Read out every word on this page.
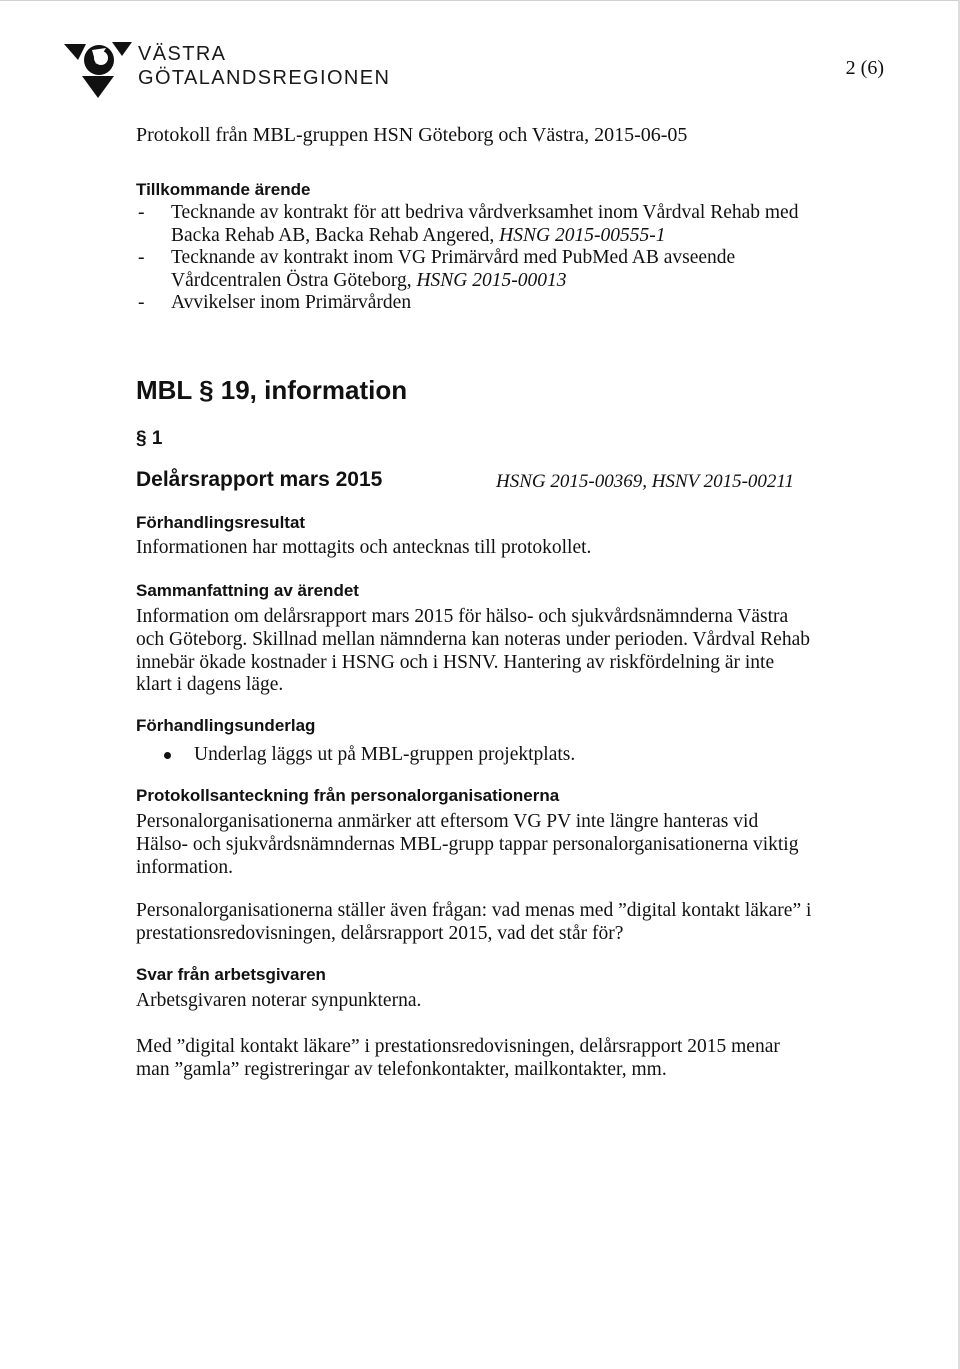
VÄSTRA
GÖTALANDSREGIONEN	2 (6)
Protokoll från MBL-gruppen HSN Göteborg och Västra, 2015-06-05
Tillkommande ärende
- Tecknande av kontrakt för att bedriva vårdverksamhet inom Vårdval Rehab med
Backa Rehab AB, Backa Rehab Angered, HSNG 2015-00555-1
- Tecknande av kontrakt inom VG Primärvård med PubMed AB avseende
Vårdcentralen Östra Göteborg, HSNG 2015-00013
- Avvikelser inom Primärvården
MBL § 19, information
§ 1
Delårsrapport mars 2015	HSNG 2015-00369, HSNV 2015-00211
Förhandlingsresultat

Informationen har mottagits och antecknas till protokollet.

Sammanfattning av ärendet
Information om delårsrapport mars 2015 för hälso- och sjukvårdsnämnderna Västra
och Göteborg. Skillnad mellan nämnderna kan noteras under perioden. Vårdval Rehab
innebär ökade kostnader i HSNG och i HSNV. Hantering av riskfördelning är inte
klart i dagens läge.
Förhandlingsunderlag
Underlag läggs ut på MBL-gruppen projektplats.
Protokollsanteckning från personalorganisationerna
Personalorganisationerna anmärker att eftersom VG PV inte längre hanteras vid
Hälso- och sjukvårdsnämndernas MBL-grupp tappar personalorganisationerna viktig
information.
Personalorganisationerna ställer även frågan: vad menas med ”digital kontakt läkare” i
prestationsredovisningen, delårsrapport 2015, vad det står för?
Svar från arbetsgivaren

Arbetsgivaren noterar synpunkterna.

Med ”digital kontakt läkare” i prestationsredovisningen, delårsrapport 2015 menar
man ”gamla” registreringar av telefonkontakter, mailkontakter, mm.
